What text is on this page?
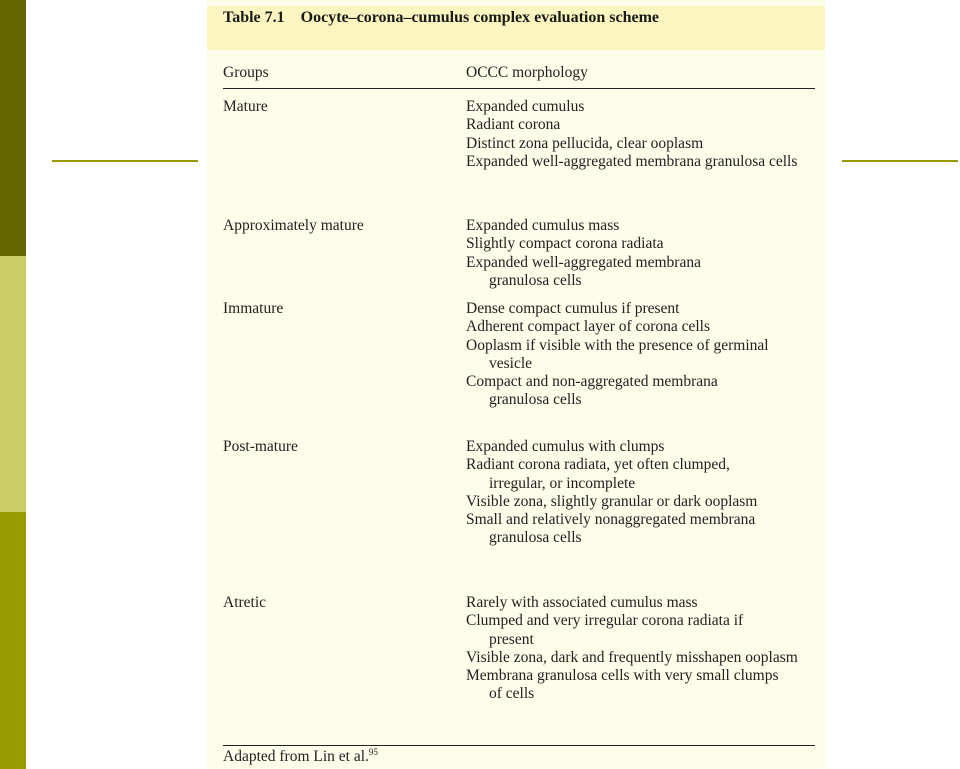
Table 7.1 Oocyte–corona–cumulus complex evaluation scheme
Groups	OCCC morphology
Mature	Expanded cumulus
Radiant corona
Distinct zona pellucida, clear ooplasm
Expanded well-aggregated membrana granulosa cells
Approximately mature	Expanded cumulus mass
Slightly compact corona radiata
Expanded well-aggregated membrana granulosa cells
Immature	Dense compact cumulus if present
Adherent compact layer of corona cells
Ooplasm if visible with the presence of germinal vesicle
Compact and non-aggregated membrana granulosa cells
Post-mature	Expanded cumulus with clumps
Radiant corona radiata, yet often clumped, irregular, or incomplete
Visible zona, slightly granular or dark ooplasm
Small and relatively nonaggregated membrana granulosa cells
Atretic	Rarely with associated cumulus mass
Clumped and very irregular corona radiata if present
Visible zona, dark and frequently misshapen ooplasm
Membrana granulosa cells with very small clumps of cells
Adapted from Lin et al.$^{95}$
